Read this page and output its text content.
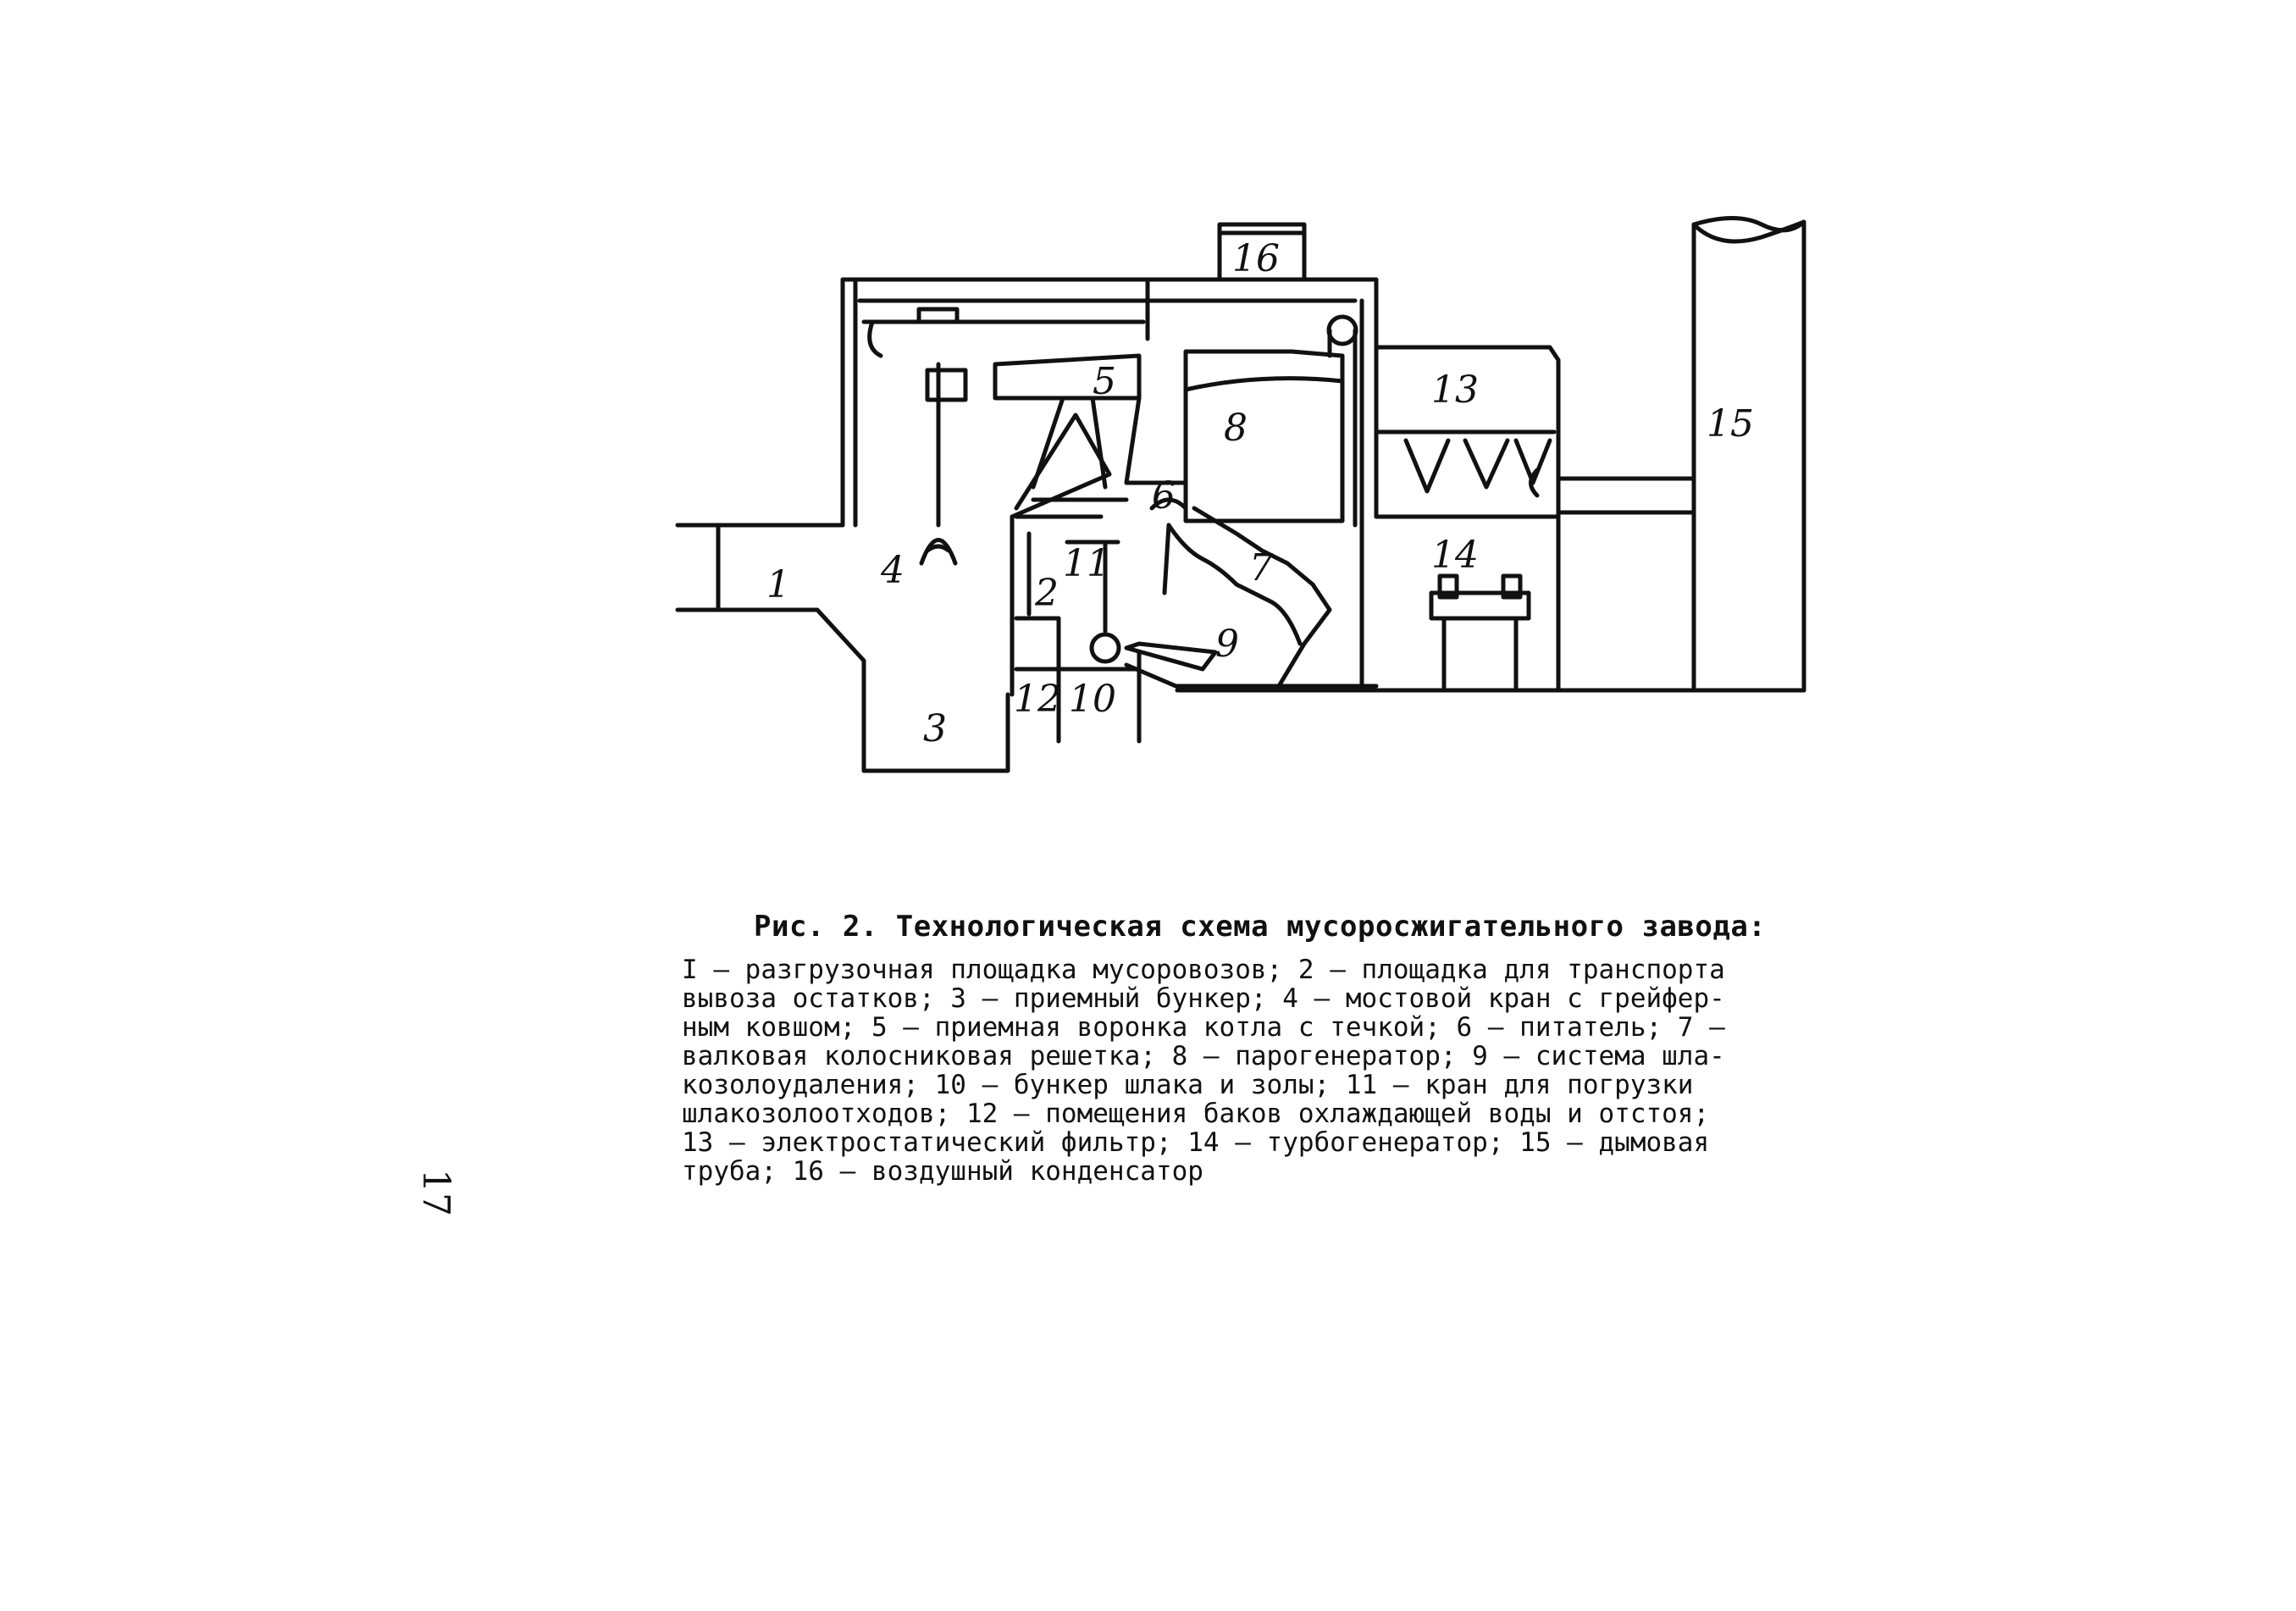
1	2
3
4
5
6
7
8
9
10
11
12
13
14
15
16
Рис. 2. Технологическая схема мусоросжигательного завода:
I – разгрузочная площадка мусоровозов; 2 – площадка для транспорта
вывоза остатков; 3 – приемный бункер; 4 – мостовой кран с грейфер-
ным ковшом; 5 – приемная воронка котла с течкой; 6 – питатель; 7 –
валковая колосниковая решетка; 8 – парогенератор; 9 – система шла-
козолоудаления; 10 – бункер шлака и золы; 11 – кран для погрузки
шлакозолоотходов; 12 – помещения баков охлаждающей воды и отстоя;
13 – электростатический фильтр; 14 – турбогенератор; 15 – дымовая
труба; 16 – воздушный конденсатор
17
